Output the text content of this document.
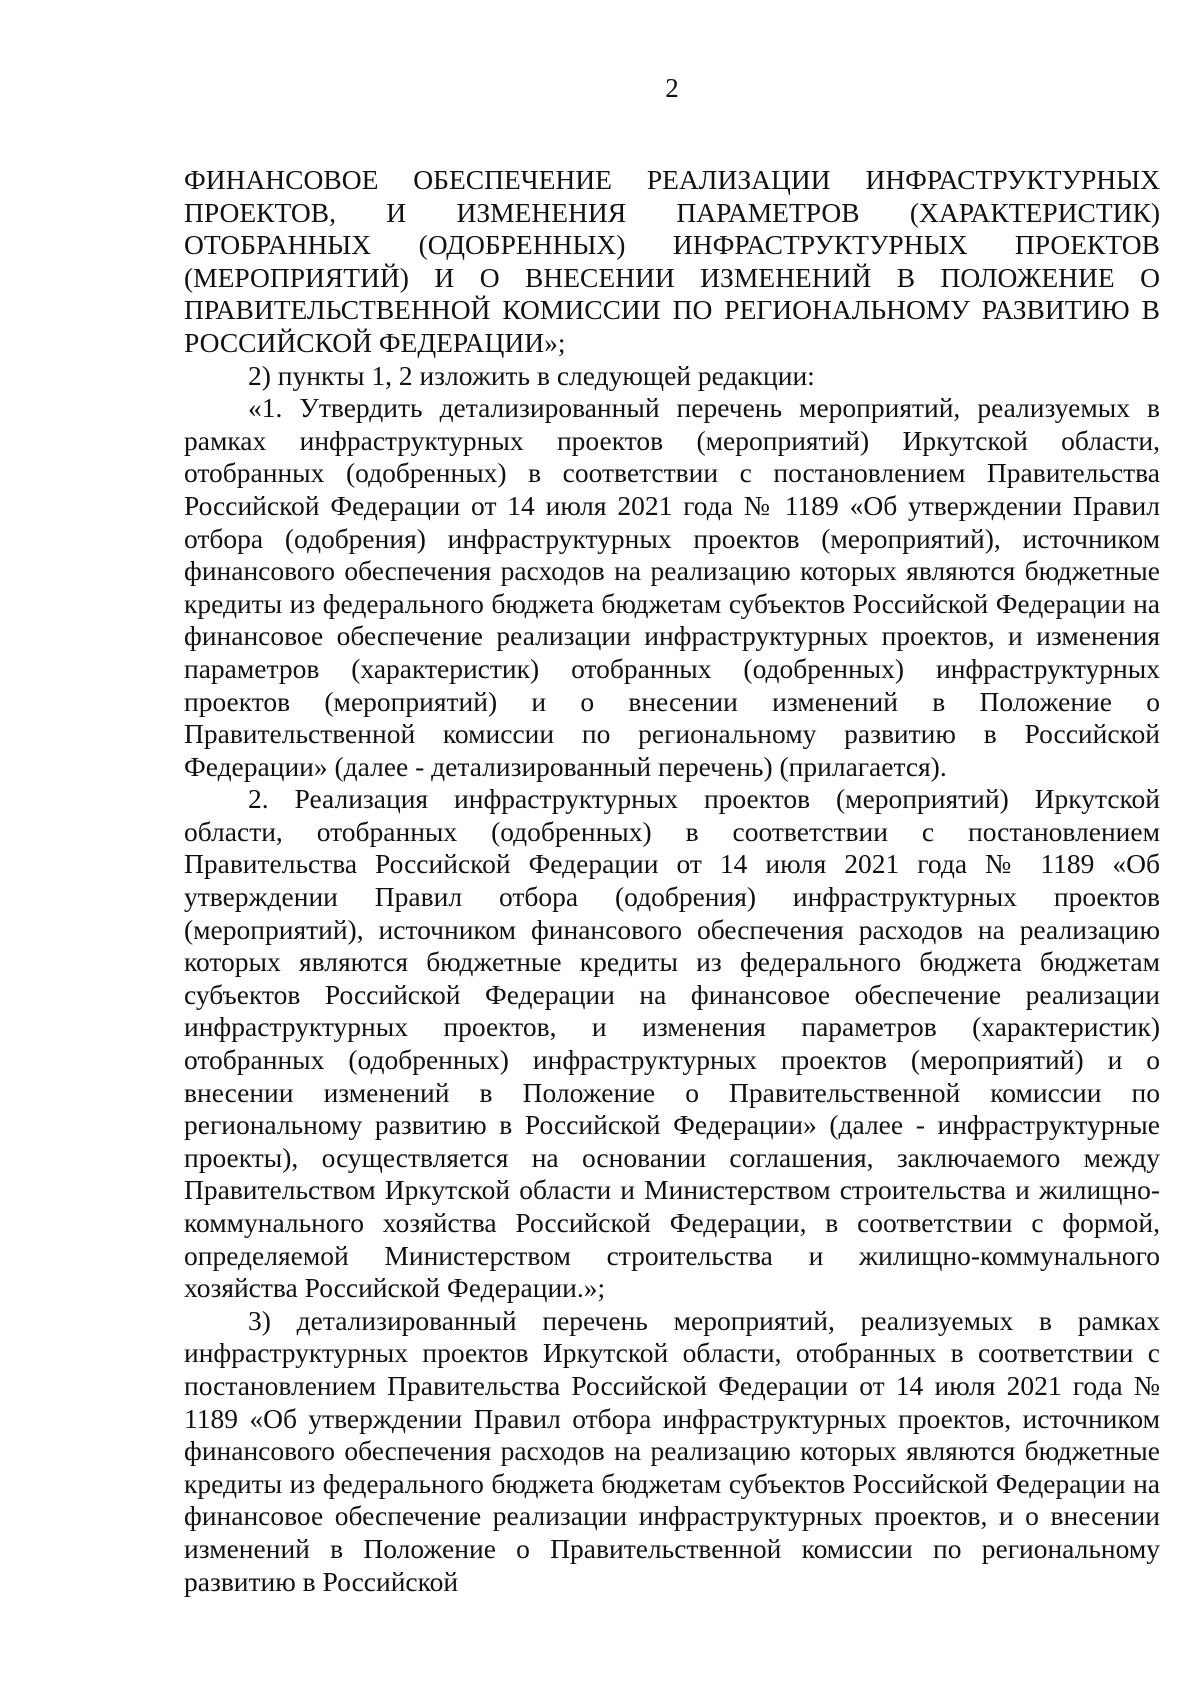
2

ФИНАНСОВОЕ ОБЕСПЕЧЕНИЕ РЕАЛИЗАЦИИ ИНФРАСТРУКТУРНЫХ ПРОЕКТОВ, И ИЗМЕНЕНИЯ ПАРАМЕТРОВ (ХАРАКТЕРИСТИК) ОТОБРАННЫХ (ОДОБРЕННЫХ) ИНФРАСТРУКТУРНЫХ ПРОЕКТОВ (МЕРОПРИЯТИЙ) И О ВНЕСЕНИИ ИЗМЕНЕНИЙ В ПОЛОЖЕНИЕ О ПРАВИТЕЛЬСТВЕННОЙ КОМИССИИ ПО РЕГИОНАЛЬНОМУ РАЗВИТИЮ В РОССИЙСКОЙ ФЕДЕРАЦИИ»;

2) пункты 1, 2 изложить в следующей редакции:

«1. Утвердить детализированный перечень мероприятий, реализуемых в рамках инфраструктурных проектов (мероприятий) Иркутской области, отобранных (одобренных) в соответствии с постановлением Правительства Российской Федерации от 14 июля 2021 года № 1189 «Об утверждении Правил отбора (одобрения) инфраструктурных проектов (мероприятий), источником финансового обеспечения расходов на реализацию которых являются бюджетные кредиты из федерального бюджета бюджетам субъектов Российской Федерации на финансовое обеспечение реализации инфраструктурных проектов, и изменения параметров (характеристик) отобранных (одобренных) инфраструктурных проектов (мероприятий) и о внесении изменений в Положение о Правительственной комиссии по региональному развитию в Российской Федерации» (далее - детализированный перечень) (прилагается).

2. Реализация инфраструктурных проектов (мероприятий) Иркутской области, отобранных (одобренных) в соответствии с постановлением Правительства Российской Федерации от 14 июля 2021 года № 1189 «Об утверждении Правил отбора (одобрения) инфраструктурных проектов (мероприятий), источником финансового обеспечения расходов на реализацию которых являются бюджетные кредиты из федерального бюджета бюджетам субъектов Российской Федерации на финансовое обеспечение реализации инфраструктурных проектов, и изменения параметров (характеристик) отобранных (одобренных) инфраструктурных проектов (мероприятий) и о внесении изменений в Положение о Правительственной комиссии по региональному развитию в Российской Федерации» (далее - инфраструктурные проекты), осуществляется на основании соглашения, заключаемого между Правительством Иркутской области и Министерством строительства и жилищно-коммунального хозяйства Российской Федерации, в соответствии с формой, определяемой Министерством строительства и жилищно-коммунального хозяйства Российской Федерации.»;

3) детализированный перечень мероприятий, реализуемых в рамках инфраструктурных проектов Иркутской области, отобранных в соответствии с постановлением Правительства Российской Федерации от 14 июля 2021 года № 1189 «Об утверждении Правил отбора инфраструктурных проектов, источником финансового обеспечения расходов на реализацию которых являются бюджетные кредиты из федерального бюджета бюджетам субъектов Российской Федерации на финансовое обеспечение реализации инфраструктурных проектов, и о внесении изменений в Положение о Правительственной комиссии по региональному развитию в Российской
